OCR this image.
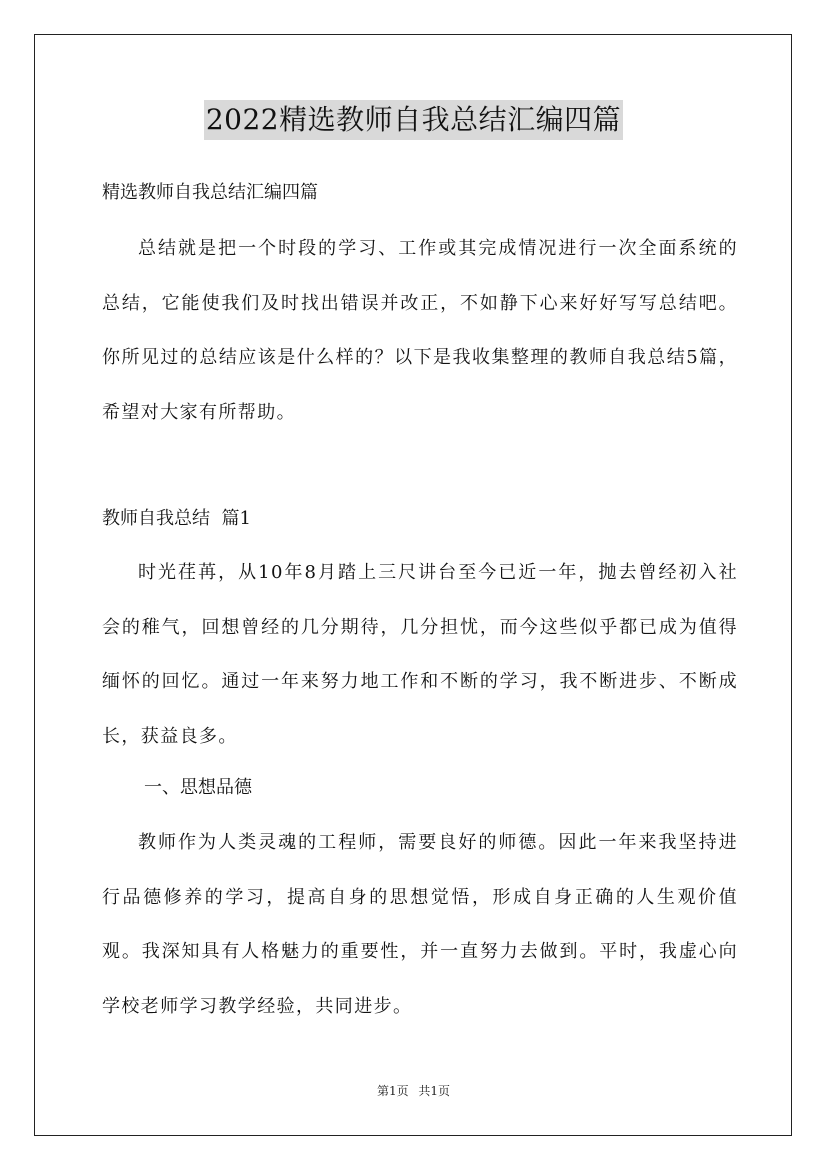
2022精选教师自我总结汇编四篇

精选教师自我总结汇编四篇

总结就是把一个时段的学习、工作或其完成情况进行一次全面系统的总结，它能使我们及时找出错误并改正，不如静下心来好好写写总结吧。你所见过的总结应该是什么样的？以下是我收集整理的教师自我总结5篇，希望对大家有所帮助。

教师自我总结  篇1

时光荏苒，从10年8月踏上三尺讲台至今已近一年，抛去曾经初入社会的稚气，回想曾经的几分期待，几分担忧，而今这些似乎都已成为值得缅怀的回忆。通过一年来努力地工作和不断的学习，我不断进步、不断成长，获益良多。

一、思想品德

教师作为人类灵魂的工程师，需要良好的师德。因此一年来我坚持进行品德修养的学习，提高自身的思想觉悟，形成自身正确的人生观价值观。我深知具有人格魅力的重要性，并一直努力去做到。平时，我虚心向学校老师学习教学经验，共同进步。

第1页 共1页
